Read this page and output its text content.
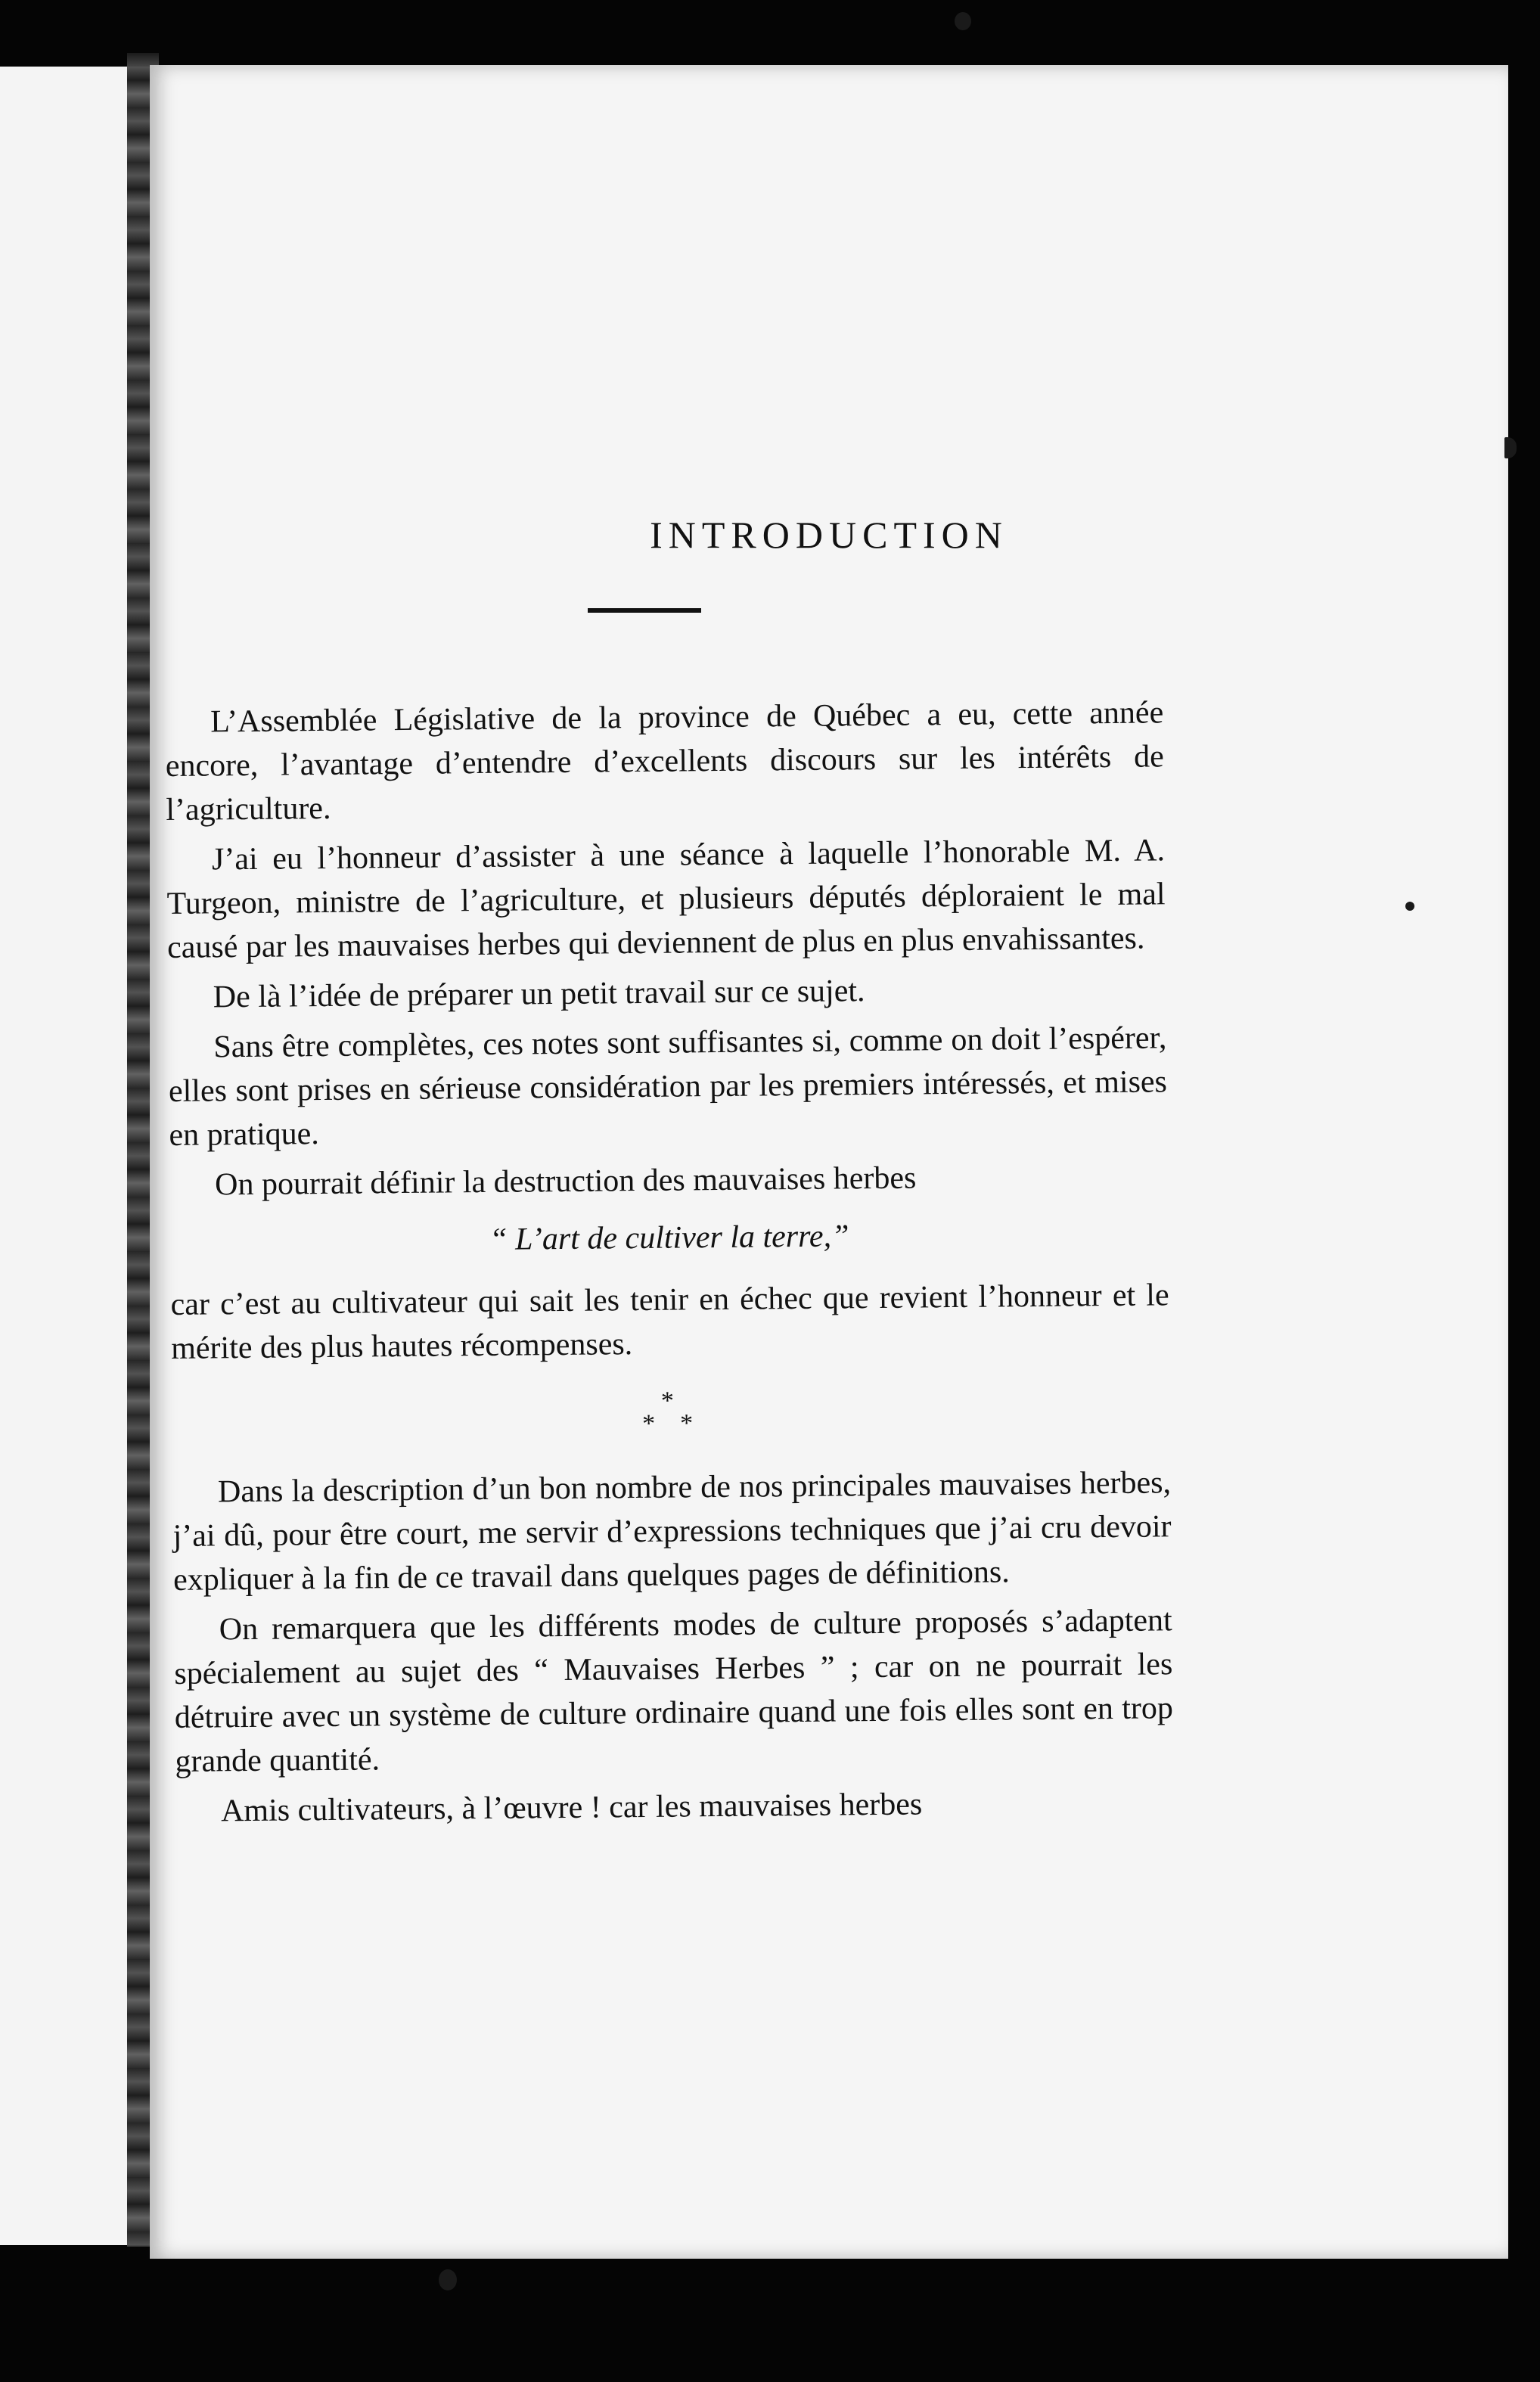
INTRODUCTION

L’Assemblée Législative de la province de Québec a eu, cette année encore, l’avantage d’entendre d’excellents discours sur les intérêts de l’agriculture.

J’ai eu l’honneur d’assister à une séance à laquelle l’honorable M. A. Turgeon, ministre de l’agriculture, et plusieurs députés déploraient le mal causé par les mauvaises herbes qui deviennent de plus en plus envahissantes.

De là l’idée de préparer un petit travail sur ce sujet.

Sans être complètes, ces notes sont suffisantes si, comme on doit l’espérer, elles sont prises en sérieuse considération par les premiers intéressés, et mises en pratique.

On pourrait définir la destruction des mauvaises herbes

“ L’art de cultiver la terre,”

car c’est au cultivateur qui sait les tenir en échec que revient l’honneur et le mérite des plus hautes récompenses.

*
* *

Dans la description d’un bon nombre de nos principales mauvaises herbes, j’ai dû, pour être court, me servir d’expressions techniques que j’ai cru devoir expliquer à la fin de ce travail dans quelques pages de définitions.

On remarquera que les différents modes de culture proposés s’adaptent spécialement au sujet des “ Mauvaises Herbes ” ; car on ne pourrait les détruire avec un système de culture ordinaire quand une fois elles sont en trop grande quantité.

Amis cultivateurs, à l’œuvre ! car les mauvaises herbes
